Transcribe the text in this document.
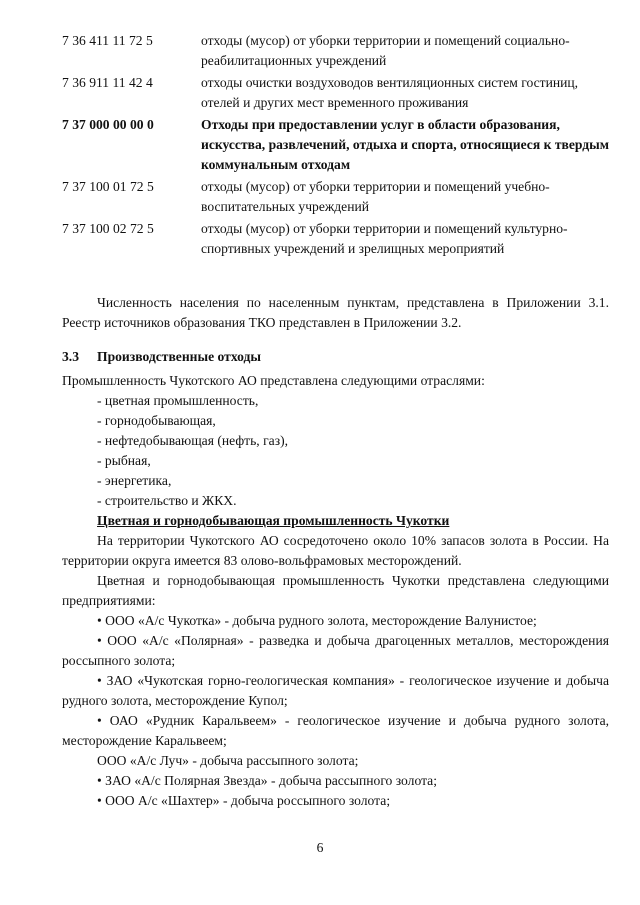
7 36 411 11 72 5	отходы (мусор) от уборки территории и помещений социально-реабилитационных учреждений
7 36 911 11 42 4	отходы очистки воздуховодов вентиляционных систем гостиниц, отелей и других мест временного проживания
7 37 000 00 00 0	Отходы при предоставлении услуг в области образования, искусства, развлечений, отдыха и спорта, относящиеся к твердым коммунальным отходам
7 37 100 01 72 5	отходы (мусор) от уборки территории и помещений учебно-воспитательных учреждений
7 37 100 02 72 5	отходы (мусор) от уборки территории и помещений культурно-спортивных учреждений и зрелищных мероприятий

Численность населения по населенным пунктам, представлена в Приложении 3.1. Реестр источников образования ТКО представлен в Приложении 3.2.

3.3	Производственные отходы

Промышленность Чукотского АО представлена следующими отраслями:

- цветная промышленность,
- горнодобывающая,
- нефтедобывающая (нефть, газ),
- рыбная,
- энергетика,
- строительство и ЖКХ.
Цветная и горнодобывающая промышленность Чукотки

На территории Чукотского АО сосредоточено около 10% запасов золота в России. На территории округа имеется 83 олово-вольфрамовых месторождений.

Цветная и горнодобывающая промышленность Чукотки представлена следующими предприятиями:

• ООО «А/с Чукотка» - добыча рудного золота, месторождение Валунистое;

• ООО «А/с «Полярная» - разведка и добыча драгоценных металлов, месторождения россыпного золота;

• ЗАО «Чукотская горно-геологическая компания» - геологическое изучение и добыча рудного золота, месторождение Купол;

• ОАО «Рудник Каральвеем» - геологическое изучение и добыча рудного золота, месторождение Каральвеем;

ООО «А/с Луч» - добыча рассыпного золота;

• ЗАО «А/с Полярная Звезда» - добыча рассыпного золота;

• ООО А/с «Шахтер» - добыча россыпного золота;

6
